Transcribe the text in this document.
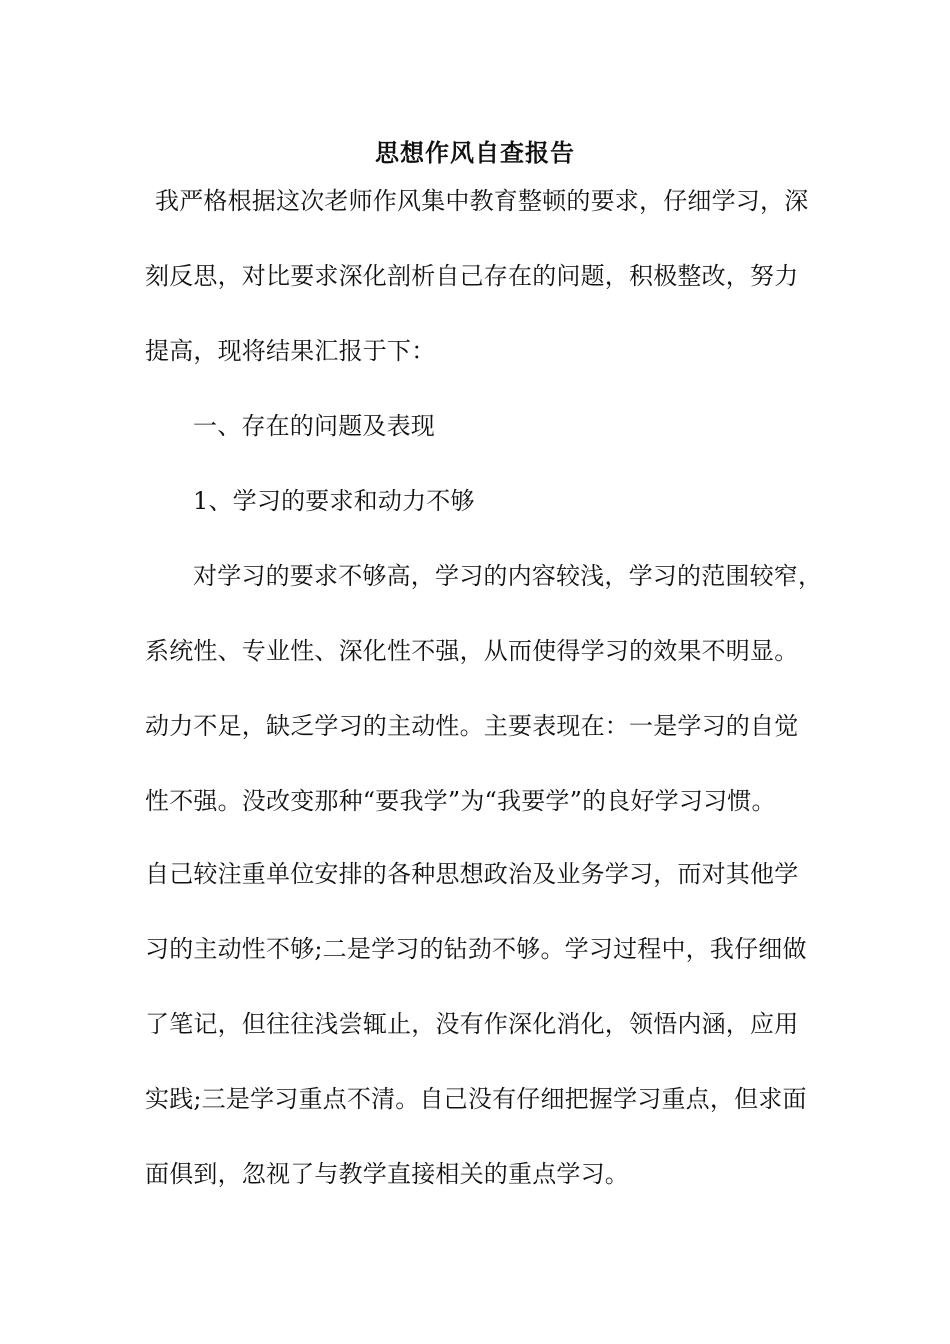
思想作风自查报告
我严格根据这次老师作风集中教育整顿的要求，仔细学习，深
刻反思，对比要求深化剖析自己存在的问题，积极整改，努力
提高，现将结果汇报于下：
一、存在的问题及表现
1、学习的要求和动力不够
对学习的要求不够高，学习的内容较浅，学习的范围较窄，
系统性、专业性、深化性不强，从而使得学习的效果不明显。
动力不足，缺乏学习的主动性。主要表现在：一是学习的自觉
性不强。没改变那种“要我学”为“我要学”的良好学习习惯。
自己较注重单位安排的各种思想政治及业务学习，而对其他学
习的主动性不够;二是学习的钻劲不够。学习过程中，我仔细做
了笔记，但往往浅尝辄止，没有作深化消化，领悟内涵，应用
实践;三是学习重点不清。自己没有仔细把握学习重点，但求面
面俱到，忽视了与教学直接相关的重点学习。
